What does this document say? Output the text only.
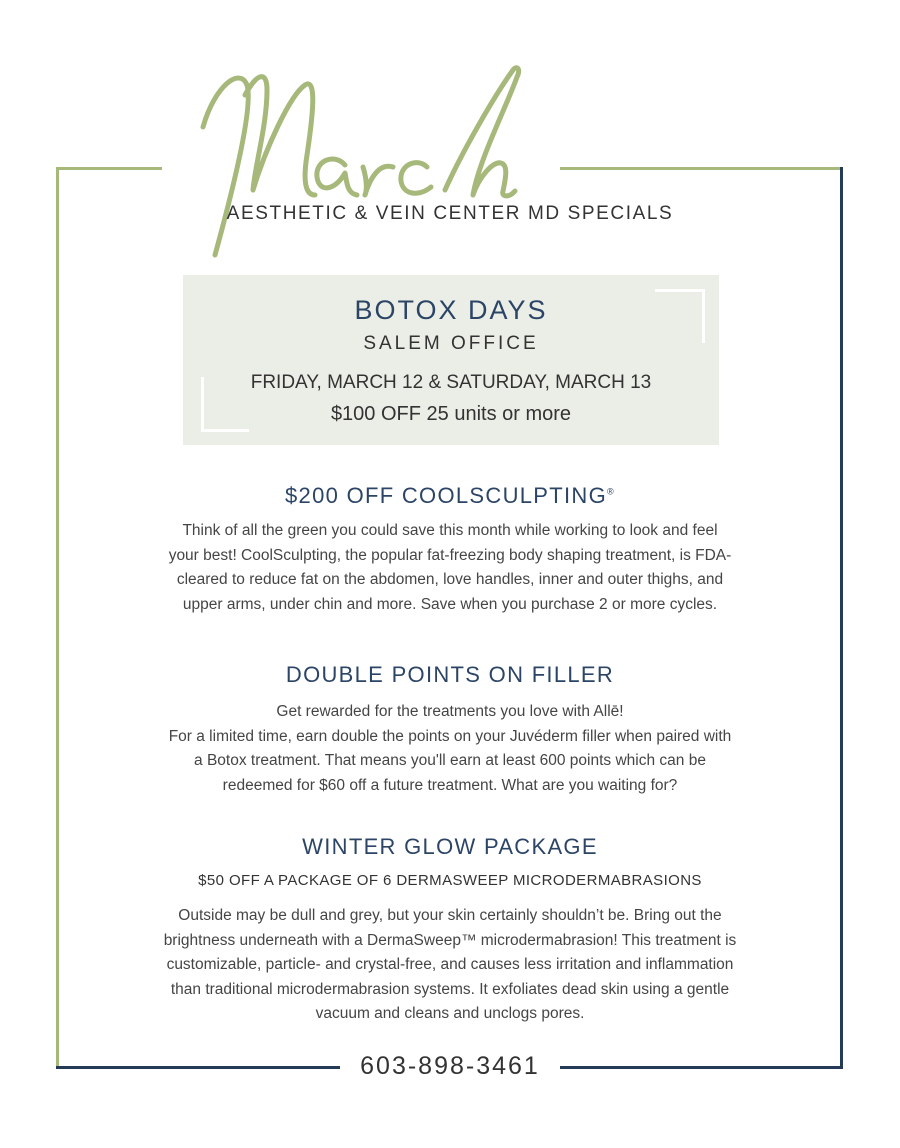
AESTHETIC & VEIN CENTER MD SPECIALS
BOTOX DAYS
SALEM OFFICE
FRIDAY, MARCH 12 & SATURDAY, MARCH 13
$100 OFF 25 units or more
$200 OFF COOLSCULPTING®
Think of all the green you could save this month while working to look and feel
your best! CoolSculpting, the popular fat-freezing body shaping treatment, is FDA-
cleared to reduce fat on the abdomen, love handles, inner and outer thighs, and
upper arms, under chin and more. Save when you purchase 2 or more cycles.
DOUBLE POINTS ON FILLER
Get rewarded for the treatments you love with Allē!
For a limited time, earn double the points on your Juvéderm filler when paired with
a Botox treatment. That means you'll earn at least 600 points which can be
redeemed for $60 off a future treatment. What are you waiting for?
WINTER GLOW PACKAGE
$50 OFF A PACKAGE OF 6 DERMASWEEP MICRODERMABRASIONS
Outside may be dull and grey, but your skin certainly shouldn’t be. Bring out the
brightness underneath with a DermaSweep™ microdermabrasion! This treatment is
customizable, particle- and crystal-free, and causes less irritation and inflammation
than traditional microdermabrasion systems. It exfoliates dead skin using a gentle
vacuum and cleans and unclogs pores.
603-898-3461
